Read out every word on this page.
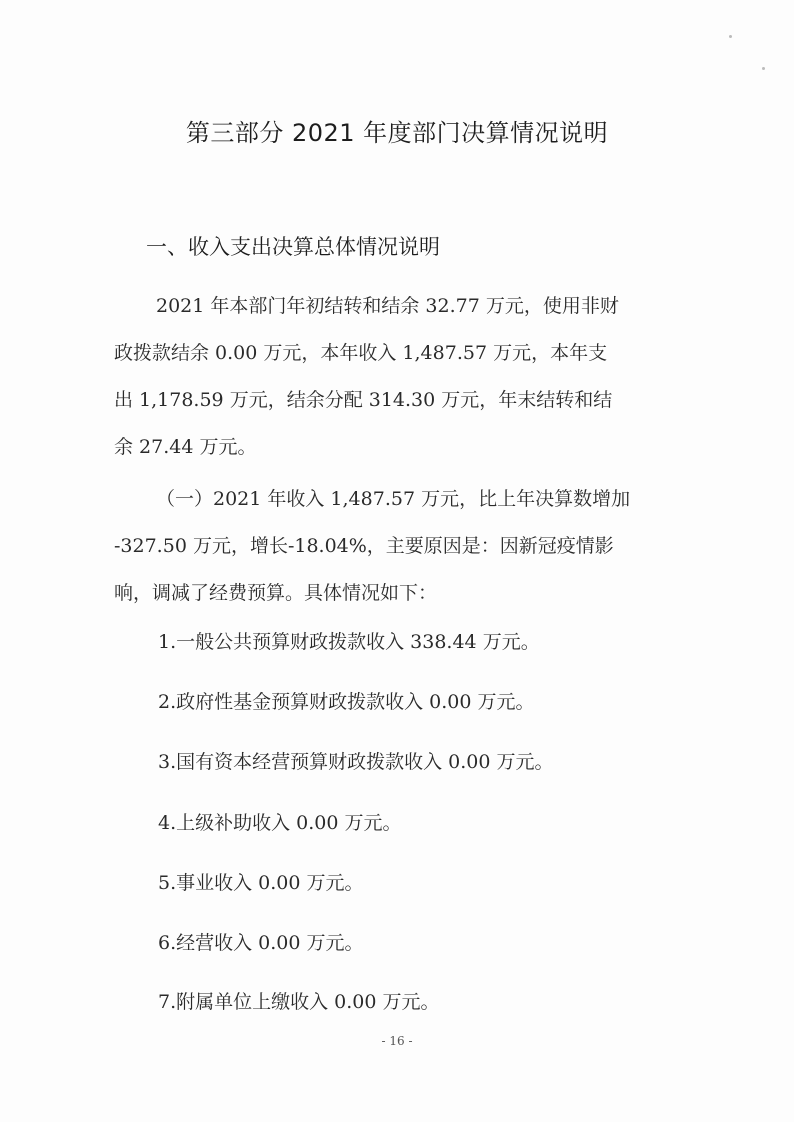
第三部分 2021 年度部门决算情况说明
一、收入支出决算总体情况说明
2021 年本部门年初结转和结余 32.77 万元，使用非财
政拨款结余 0.00 万元，本年收入 1,487.57 万元，本年支
出 1,178.59 万元，结余分配 314.30 万元，年末结转和结
余 27.44 万元。
（一）2021 年收入 1,487.57 万元，比上年决算数增加
-327.50 万元，增长-18.04%，主要原因是：因新冠疫情影
响，调减了经费预算。具体情况如下：
1.一般公共预算财政拨款收入 338.44 万元。
2.政府性基金预算财政拨款收入 0.00 万元。
3.国有资本经营预算财政拨款收入 0.00 万元。
4.上级补助收入 0.00 万元。
5.事业收入 0.00 万元。
6.经营收入 0.00 万元。
7.附属单位上缴收入 0.00 万元。
- 16 -
